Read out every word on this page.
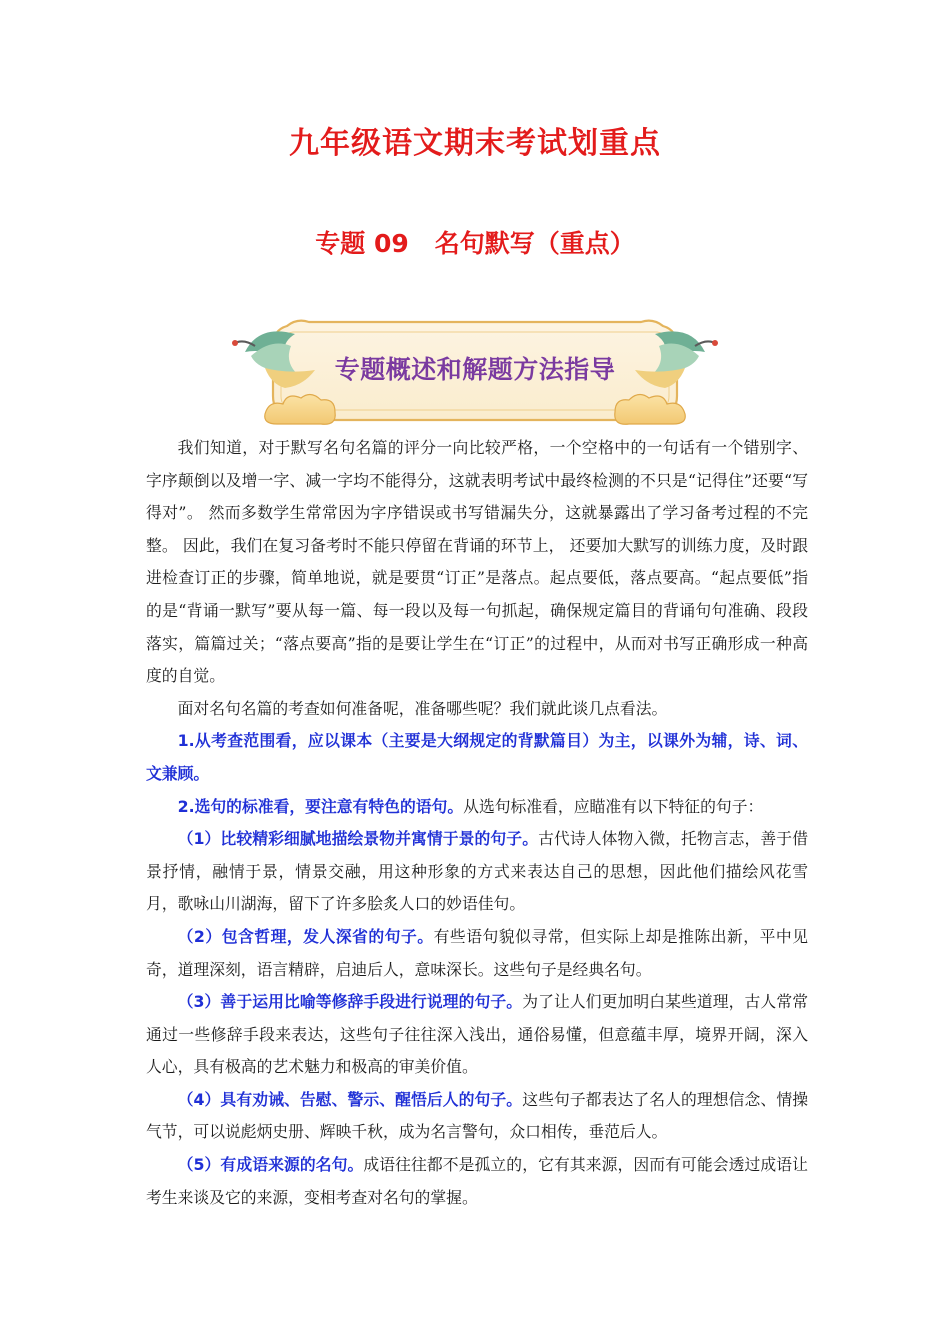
九年级语文期末考试划重点
专题 09 名句默写（重点）
专题概述和解题方法指导

我们知道，对于默写名句名篇的评分一向比较严格，一个空格中的一句话有一个错别字、字序颠倒以及增一字、减一字均不能得分，这就表明考试中最终检测的不只是“记得住”还要“写得对”。 然而多数学生常常因为字序错误或书写错漏失分，这就暴露出了学习备考过程的不完整。 因此，我们在复习备考时不能只停留在背诵的环节上， 还要加大默写的训练力度，及时跟进检查订正的步骤，简单地说，就是要贯“订正”是落点。起点要低，落点要高。“起点要低”指的是“背诵一默写”要从每一篇、每一段以及每一句抓起，确保规定篇目的背诵句句准确、段段落实，篇篇过关；“落点要高”指的是要让学生在“订正”的过程中，从而对书写正确形成一种高度的自觉。

面对名句名篇的考查如何准备呢，准备哪些呢？我们就此谈几点看法。

1.从考查范围看，应以课本（主要是大纲规定的背默篇目）为主，以课外为辅，诗、词、文兼顾。

2.选句的标准看，要注意有特色的语句。从选句标准看，应瞄准有以下特征的句子：

（1）比较精彩细腻地描绘景物并寓情于景的句子。古代诗人体物入微，托物言志，善于借景抒情，融情于景，情景交融，用这种形象的方式来表达自己的思想，因此他们描绘风花雪月，歌咏山川湖海，留下了许多脍炙人口的妙语佳句。

（2）包含哲理，发人深省的句子。有些语句貌似寻常，但实际上却是推陈出新，平中见奇，道理深刻，语言精辟，启迪后人，意味深长。这些句子是经典名句。

（3）善于运用比喻等修辞手段进行说理的句子。为了让人们更加明白某些道理，古人常常通过一些修辞手段来表达，这些句子往往深入浅出，通俗易懂，但意蕴丰厚，境界开阔，深入人心，具有极高的艺术魅力和极高的审美价值。

（4）具有劝诫、告慰、警示、醒悟后人的句子。这些句子都表达了名人的理想信念、情操气节，可以说彪炳史册、辉映千秋，成为名言警句，众口相传，垂范后人。

（5）有成语来源的名句。成语往往都不是孤立的，它有其来源，因而有可能会透过成语让考生来谈及它的来源，变相考查对名句的掌握。
